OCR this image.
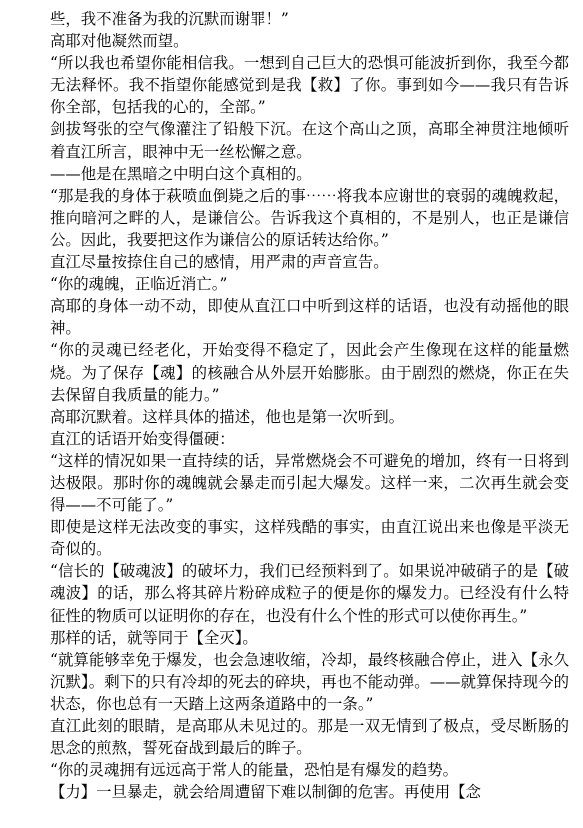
些，我不准备为我的沉默而谢罪！”

高耶对他凝然而望。

“所以我也希望你能相信我。一想到自己巨大的恐惧可能波折到你，我至今都无法释怀。我不指望你能感觉到是我【救】了你。事到如今——我只有告诉你全部，包括我的心的，全部。”

剑拔弩张的空气像灌注了铅般下沉。在这个高山之顶，高耶全神贯注地倾听着直江所言，眼神中无一丝松懈之意。

——他是在黑暗之中明白这个真相的。

“那是我的身体于萩喷血倒毙之后的事⋯⋯将我本应谢世的衰弱的魂魄救起，推向暗河之畔的人，是谦信公。告诉我这个真相的，不是别人，也正是谦信公。因此，我要把这作为谦信公的原话转达给你。”

直江尽量按捺住自己的感情，用严肃的声音宣告。

“你的魂魄，正临近消亡。”

高耶的身体一动不动，即使从直江口中听到这样的话语，也没有动摇他的眼神。

“你的灵魂已经老化，开始变得不稳定了，因此会产生像现在这样的能量燃烧。为了保存【魂】的核融合从外层开始膨胀。由于剧烈的燃烧，你正在失去保留自我质量的能力。”

高耶沉默着。这样具体的描述，他也是第一次听到。

直江的话语开始变得僵硬：

“这样的情况如果一直持续的话，异常燃烧会不可避免的增加，终有一日将到达极限。那时你的魂魄就会暴走而引起大爆发。这样一来，二次再生就会变得——不可能了。”

即使是这样无法改变的事实，这样残酷的事实，由直江说出来也像是平淡无奇似的。

“信长的【破魂波】的破坏力，我们已经预料到了。如果说冲破硝子的是【破魂波】的话，那么将其碎片粉碎成粒子的便是你的爆发力。已经没有什么特征性的物质可以证明你的存在，也没有什么个性的形式可以使你再生。”

那样的话，就等同于【全灭】。

“就算能够幸免于爆发，也会急速收缩，冷却，最终核融合停止，进入【永久沉默】。剩下的只有冷却的死去的碎块，再也不能动弹。——就算保持现今的状态，你也总有一天踏上这两条道路中的一条。”

直江此刻的眼睛，是高耶从未见过的。那是一双无情到了极点，受尽断肠的思念的煎熬，誓死奋战到最后的眸子。

“你的灵魂拥有远远高于常人的能量，恐怕是有爆发的趋势。

【力】一旦暴走，就会给周遭留下难以制御的危害。再使用【念
